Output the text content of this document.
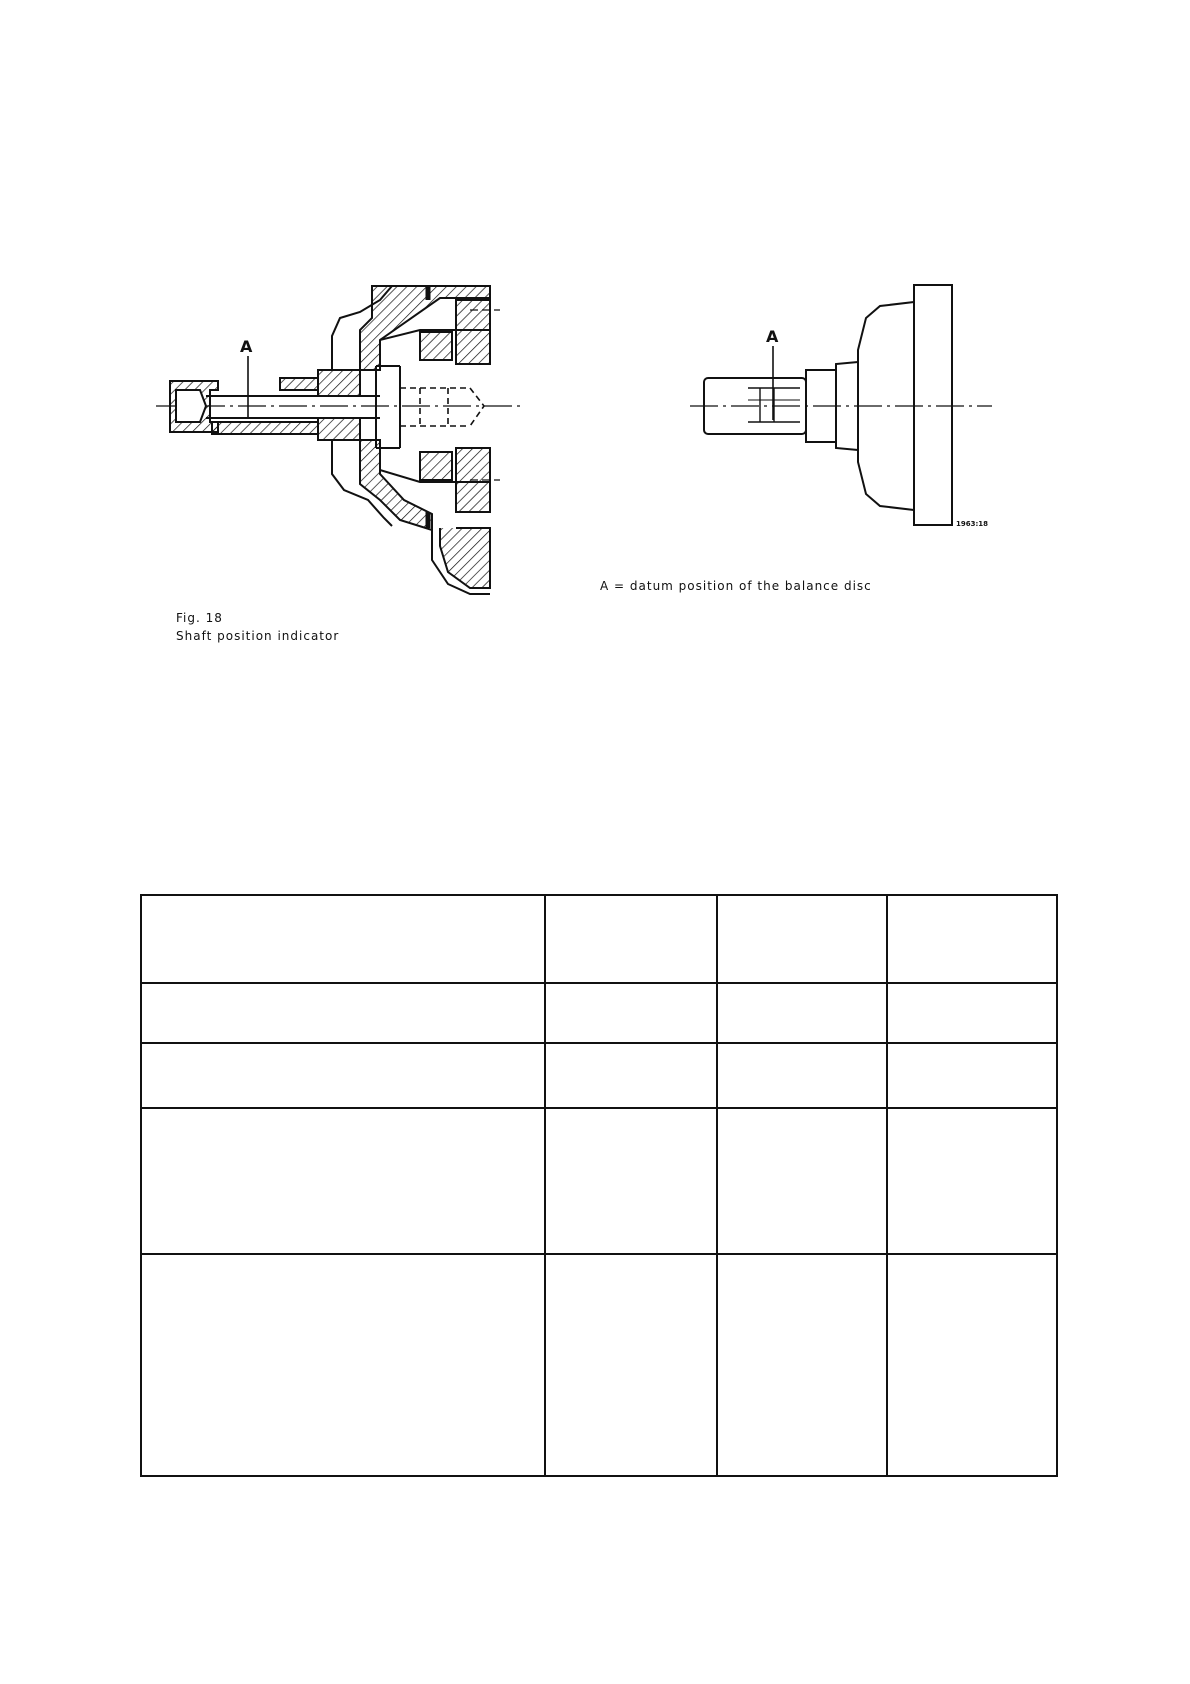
A
A
1963:18
A = datum position of the balance disc
Fig. 18
Shaft position indicator
